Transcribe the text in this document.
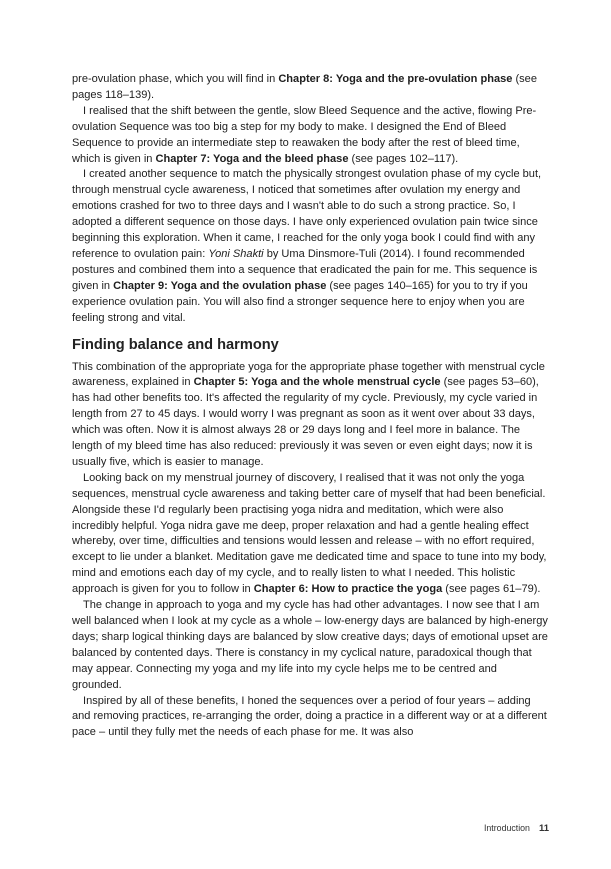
pre-ovulation phase, which you will find in Chapter 8: Yoga and the pre-ovulation phase (see pages 118–139).

I realised that the shift between the gentle, slow Bleed Sequence and the active, flowing Pre-ovulation Sequence was too big a step for my body to make. I designed the End of Bleed Sequence to provide an intermediate step to reawaken the body after the rest of bleed time, which is given in Chapter 7: Yoga and the bleed phase (see pages 102–117).

I created another sequence to match the physically strongest ovulation phase of my cycle but, through menstrual cycle awareness, I noticed that sometimes after ovulation my energy and emotions crashed for two to three days and I wasn't able to do such a strong practice. So, I adopted a different sequence on those days. I have only experienced ovulation pain twice since beginning this exploration. When it came, I reached for the only yoga book I could find with any reference to ovulation pain: Yoni Shakti by Uma Dinsmore-Tuli (2014). I found recommended postures and combined them into a sequence that eradicated the pain for me. This sequence is given in Chapter 9: Yoga and the ovulation phase (see pages 140–165) for you to try if you experience ovulation pain. You will also find a stronger sequence here to enjoy when you are feeling strong and vital.

Finding balance and harmony

This combination of the appropriate yoga for the appropriate phase together with menstrual cycle awareness, explained in Chapter 5: Yoga and the whole menstrual cycle (see pages 53–60), has had other benefits too. It's affected the regularity of my cycle. Previously, my cycle varied in length from 27 to 45 days. I would worry I was pregnant as soon as it went over about 33 days, which was often. Now it is almost always 28 or 29 days long and I feel more in balance. The length of my bleed time has also reduced: previously it was seven or even eight days; now it is usually five, which is easier to manage.

Looking back on my menstrual journey of discovery, I realised that it was not only the yoga sequences, menstrual cycle awareness and taking better care of myself that had been beneficial. Alongside these I'd regularly been practising yoga nidra and meditation, which were also incredibly helpful. Yoga nidra gave me deep, proper relaxation and had a gentle healing effect whereby, over time, difficulties and tensions would lessen and release – with no effort required, except to lie under a blanket. Meditation gave me dedicated time and space to tune into my body, mind and emotions each day of my cycle, and to really listen to what I needed. This holistic approach is given for you to follow in Chapter 6: How to practice the yoga (see pages 61–79).

The change in approach to yoga and my cycle has had other advantages. I now see that I am well balanced when I look at my cycle as a whole – low-energy days are balanced by high-energy days; sharp logical thinking days are balanced by slow creative days; days of emotional upset are balanced by contented days. There is constancy in my cyclical nature, paradoxical though that may appear. Connecting my yoga and my life into my cycle helps me to be centred and grounded.

Inspired by all of these benefits, I honed the sequences over a period of four years – adding and removing practices, re-arranging the order, doing a practice in a different way or at a different pace – until they fully met the needs of each phase for me. It was also

Introduction 11
